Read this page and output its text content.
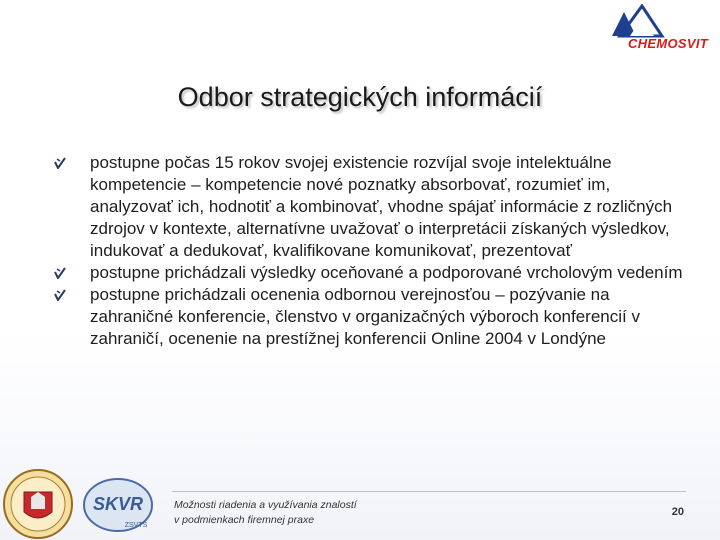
CHEMOSVIT
Odbor strategických informácií
postupne počas 15 rokov svojej existencie rozvíjal svoje intelektuálne kompetencie – kompetencie nové poznatky absorbovať, rozumieť im, analyzovať ich, hodnotiť a kombinovať, vhodne spájať informácie z rozličných zdrojov v kontexte, alternatívne uvažovať o interpretácii získaných výsledkov, indukovať a dedukovať, kvalifikovane komunikovať, prezentovať
postupne prichádzali výsledky oceňované a podporované vrcholovým vedením
postupne prichádzali ocenenia odbornou verejnosťou – pozývanie na zahraničné konferencie, členstvo v organizačných výboroch konferencií v zahraničí, ocenenie na prestížnej konferencii Online 2004 v Londýne
SKVR
ZSVTS
Možnosti riadenia a využívania znalostí
v podmienkach firemnej praxe
20
